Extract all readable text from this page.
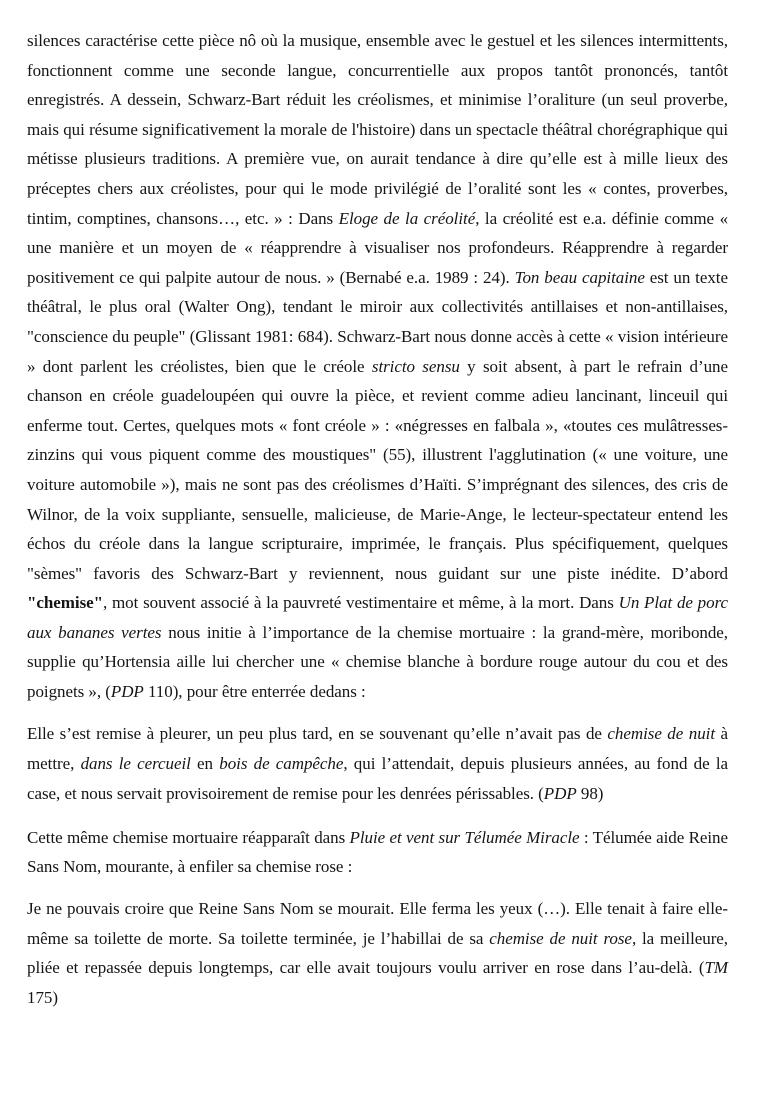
silences caractérise cette pièce nô où la musique, ensemble avec le gestuel et les silences intermittents, fonctionnent comme une seconde langue, concurrentielle aux propos tantôt prononcés, tantôt enregistrés. A dessein, Schwarz-Bart réduit les créolismes, et minimise l’oraliture (un seul proverbe, mais qui résume significativement la morale de l'histoire) dans un spectacle théâtral chorégraphique qui métisse plusieurs traditions. A première vue, on aurait tendance à dire qu’elle est à mille lieux des préceptes chers aux créolistes, pour qui le mode privilégié de l’oralité sont les « contes, proverbes, tintim, comptines, chansons…, etc. » : Dans Eloge de la créolité, la créolité est e.a. définie comme « une manière et un moyen de « réapprendre à visualiser nos profondeurs. Réapprendre à regarder positivement ce qui palpite autour de nous. » (Bernabé e.a. 1989 : 24). Ton beau capitaine est un texte théâtral, le plus oral (Walter Ong), tendant le miroir aux collectivités antillaises et non-antillaises, "conscience du peuple" (Glissant 1981: 684). Schwarz-Bart nous donne accès à cette « vision intérieure » dont parlent les créolistes, bien que le créole stricto sensu y soit absent, à part le refrain d’une chanson en créole guadeloupéen qui ouvre la pièce, et revient comme adieu lancinant, linceuil qui enferme tout. Certes, quelques mots « font créole » : «négresses en falbala », «toutes ces mulâtresses-zinzins qui vous piquent comme des moustiques" (55), illustrent l'agglutination (« une voiture, une voiture automobile »), mais ne sont pas des créolismes d’Haïti. S’imprégnant des silences, des cris de Wilnor, de la voix suppliante, sensuelle, malicieuse, de Marie-Ange, le lecteur-spectateur entend les échos du créole dans la langue scripturaire, imprimée, le français. Plus spécifiquement, quelques "sèmes" favoris des Schwarz-Bart y reviennent, nous guidant sur une piste inédite. D’abord "chemise", mot souvent associé à la pauvreté vestimentaire et même, à la mort. Dans Un Plat de porc aux bananes vertes nous initie à l’importance de la chemise mortuaire : la grand-mère, moribonde, supplie qu’Hortensia aille lui chercher une « chemise blanche à bordure rouge autour du cou et des poignets », (PDP 110), pour être enterrée dedans :

Elle s’est remise à pleurer, un peu plus tard, en se souvenant qu’elle n’avait pas de chemise de nuit à mettre, dans le cercueil en bois de campêche, qui l’attendait, depuis plusieurs années, au fond de la case, et nous servait provisoirement de remise pour les denrées périssables. (PDP 98)

Cette même chemise mortuaire réapparaît dans Pluie et vent sur Télumée Miracle : Télumée aide Reine Sans Nom, mourante, à enfiler sa chemise rose :

Je ne pouvais croire que Reine Sans Nom se mourait. Elle ferma les yeux (…). Elle tenait à faire elle-même sa toilette de morte. Sa toilette terminée, je l’habillai de sa chemise de nuit rose, la meilleure, pliée et repassée depuis longtemps, car elle avait toujours voulu arriver en rose dans l’au-delà. (TM 175)
